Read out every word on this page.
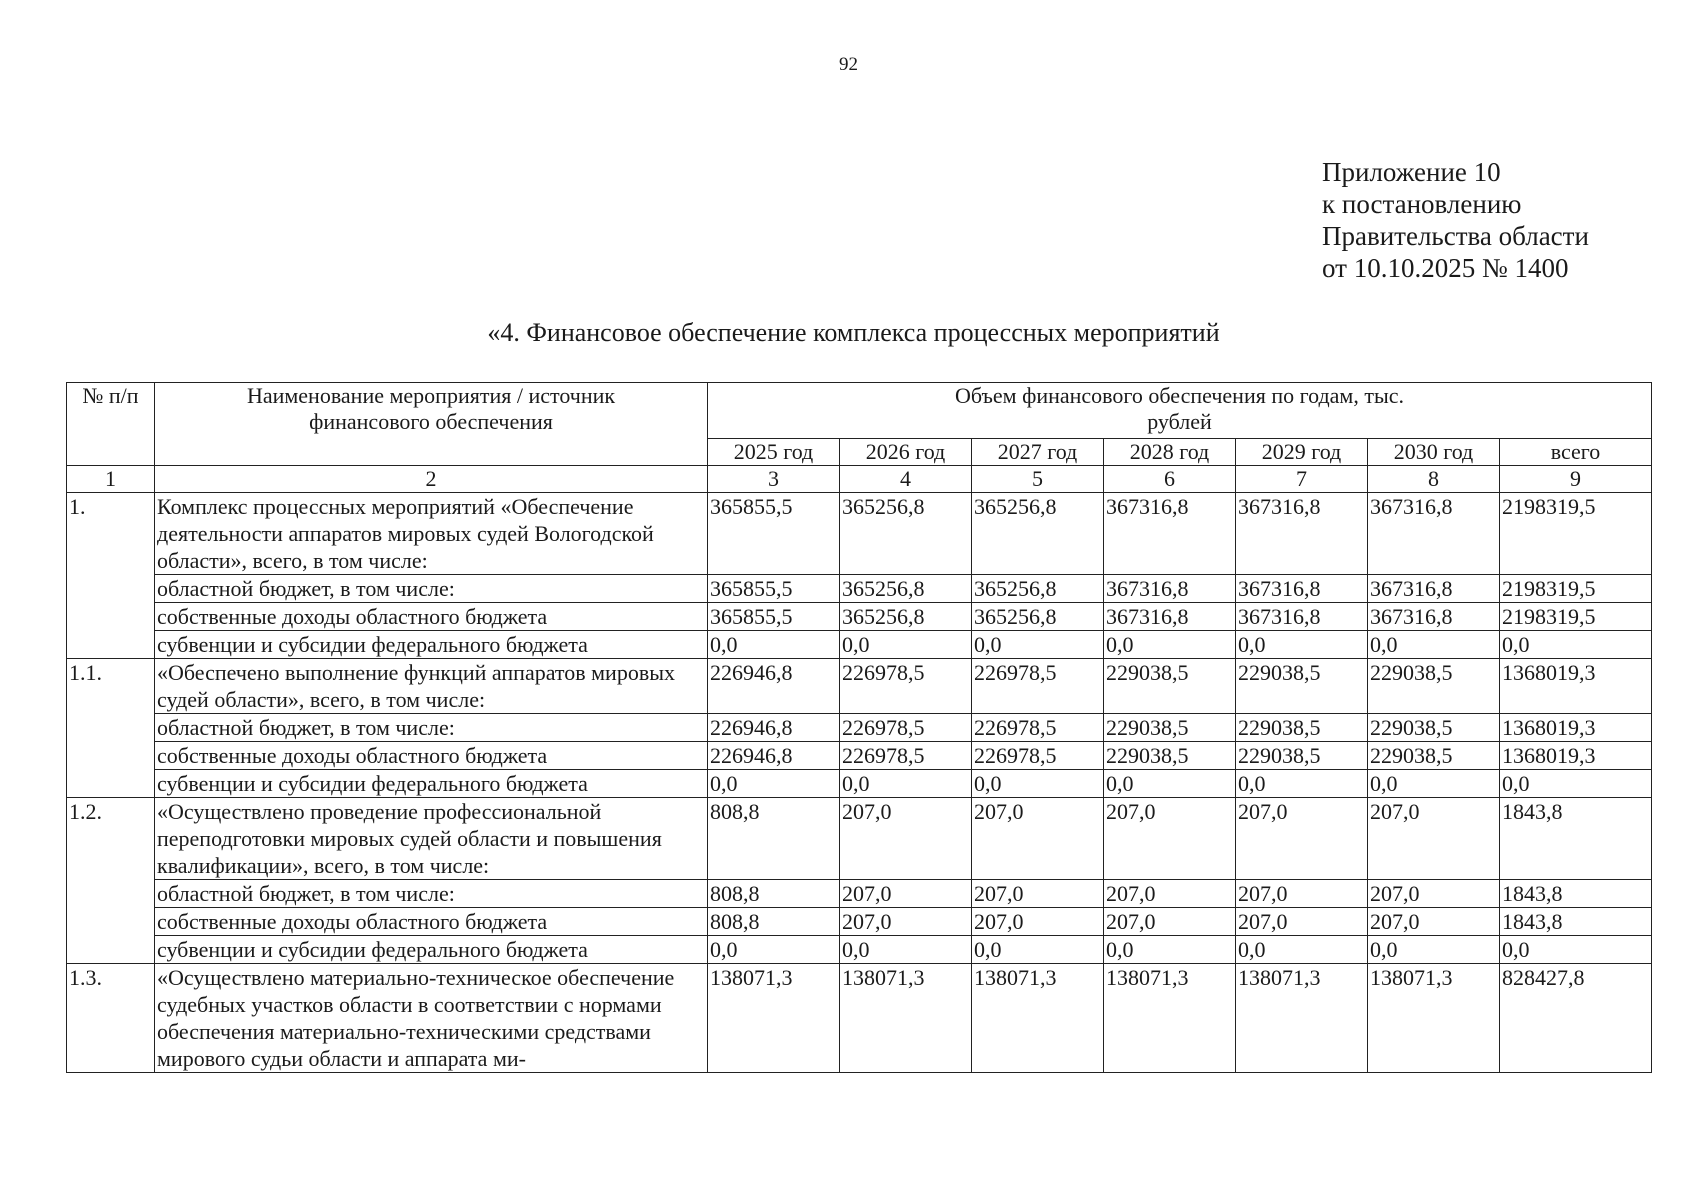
92
Приложение 10
к постановлению
Правительства области
от 10.10.2025 № 1400
«4. Финансовое обеспечение комплекса процессных мероприятий
№ п/п	Наименование мероприятия / источник финансового обеспечения	Объем финансового обеспечения по годам, тыс. рублей						
		2025 год	2026 год	2027 год	2028 год	2029 год	2030 год	всего
1	2	3	4	5	6	7	8	9
1.	Комплекс процессных мероприятий «Обеспечение деятельности аппаратов мировых судей Вологодской области», всего, в том числе:	365855,5	365256,8	365256,8	367316,8	367316,8	367316,8	2198319,5
	областной бюджет, в том числе:	365855,5	365256,8	365256,8	367316,8	367316,8	367316,8	2198319,5
	собственные доходы областного бюджета	365855,5	365256,8	365256,8	367316,8	367316,8	367316,8	2198319,5
	субвенции и субсидии федерального бюджета	0,0	0,0	0,0	0,0	0,0	0,0	0,0
1.1.	«Обеспечено выполнение функций аппаратов мировых судей области», всего, в том числе:	226946,8	226978,5	226978,5	229038,5	229038,5	229038,5	1368019,3
	областной бюджет, в том числе:	226946,8	226978,5	226978,5	229038,5	229038,5	229038,5	1368019,3
	собственные доходы областного бюджета	226946,8	226978,5	226978,5	229038,5	229038,5	229038,5	1368019,3
	субвенции и субсидии федерального бюджета	0,0	0,0	0,0	0,0	0,0	0,0	0,0
1.2.	«Осуществлено проведение профессиональной переподготовки мировых судей области и повышения квалификации», всего, в том числе:	808,8	207,0	207,0	207,0	207,0	207,0	1843,8
	областной бюджет, в том числе:	808,8	207,0	207,0	207,0	207,0	207,0	1843,8
	собственные доходы областного бюджета	808,8	207,0	207,0	207,0	207,0	207,0	1843,8
	субвенции и субсидии федерального бюджета	0,0	0,0	0,0	0,0	0,0	0,0	0,0
1.3.	«Осуществлено материально-техническое обеспечение судебных участков области в соответствии с нормами обеспечения материально-техническими средствами мирового судьи области и аппарата ми-	138071,3	138071,3	138071,3	138071,3	138071,3	138071,3	828427,8
